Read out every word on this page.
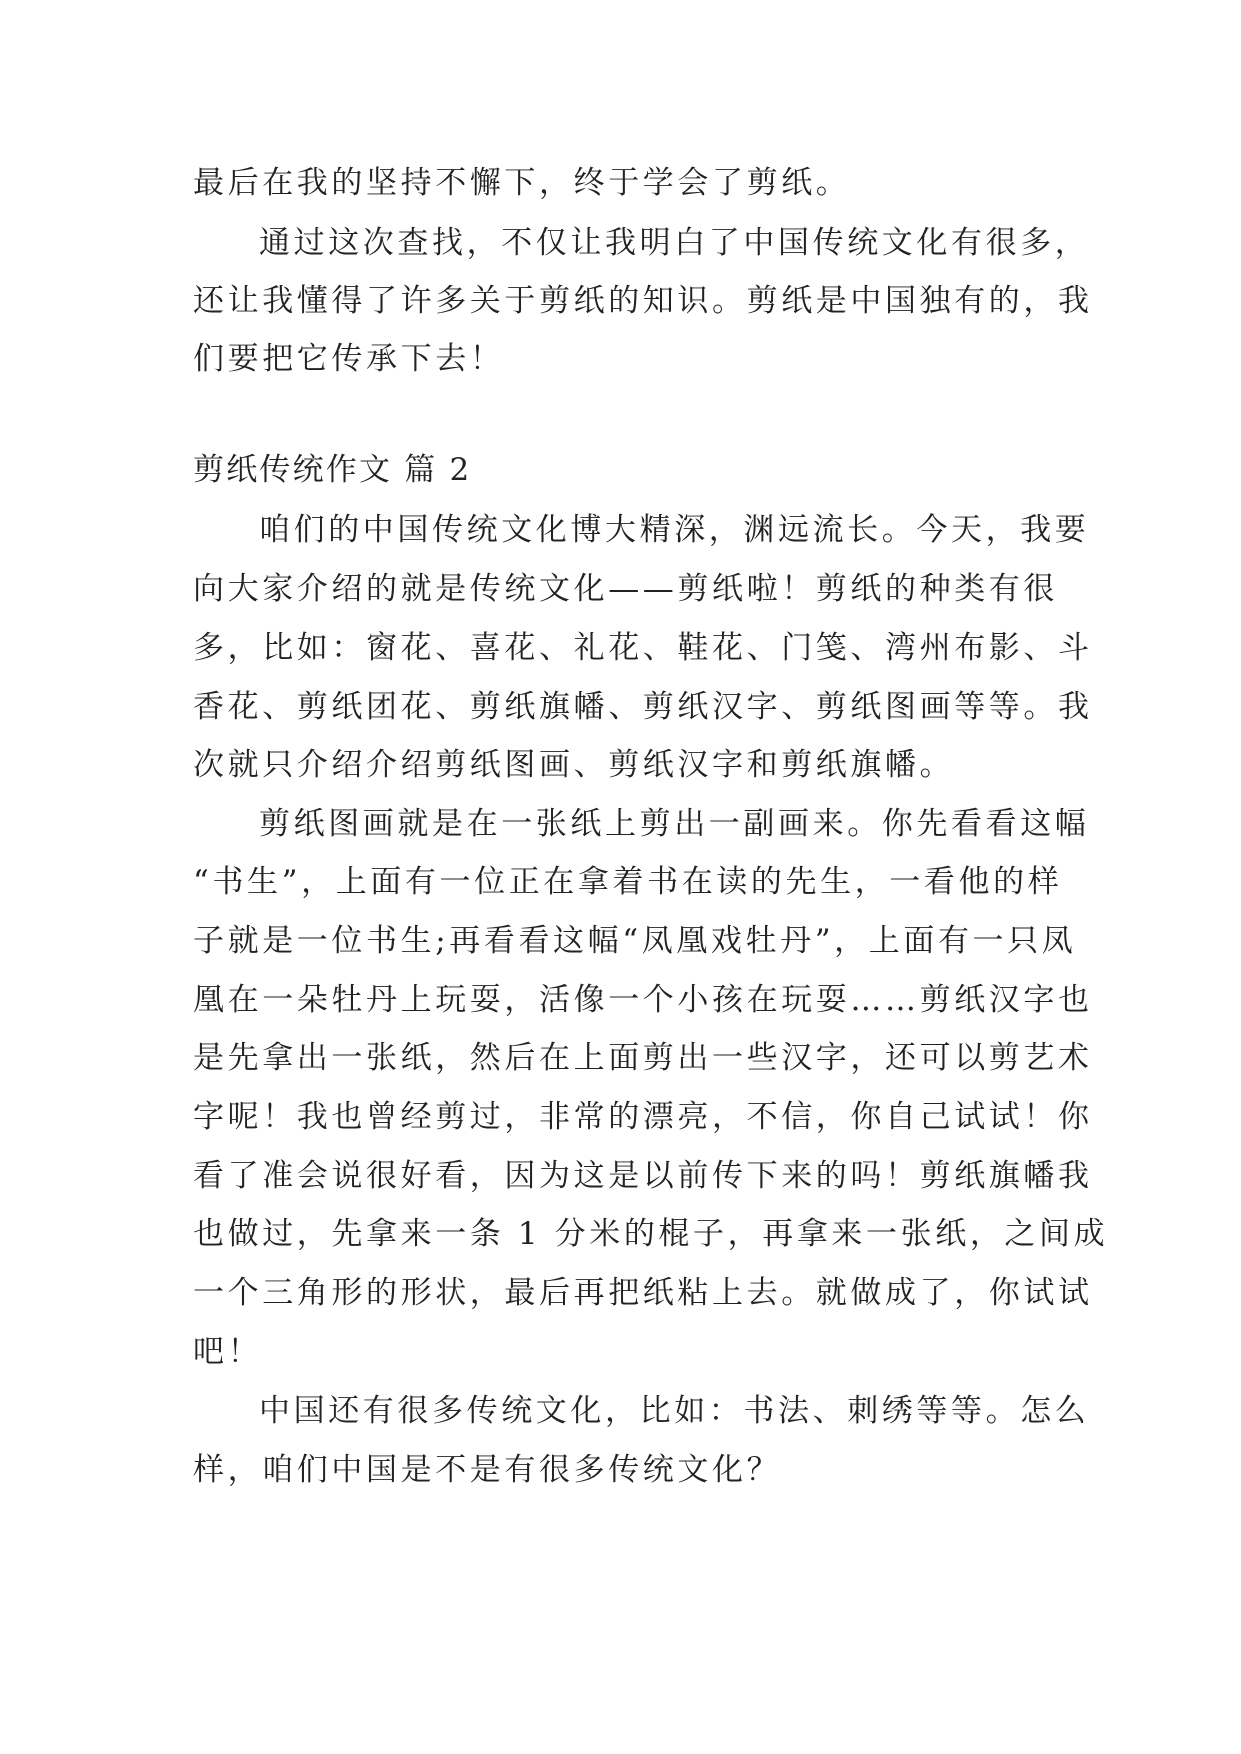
最后在我的坚持不懈下，终于学会了剪纸。
通过这次查找，不仅让我明白了中国传统文化有很多，
还让我懂得了许多关于剪纸的知识。剪纸是中国独有的，我
们要把它传承下去！
剪纸传统作文 篇 2
咱们的中国传统文化博大精深，渊远流长。今天，我要
向大家介绍的就是传统文化——剪纸啦！剪纸的种类有很
多，比如：窗花、喜花、礼花、鞋花、门笺、湾州布影、斗
香花、剪纸团花、剪纸旗幡、剪纸汉字、剪纸图画等等。我
次就只介绍介绍剪纸图画、剪纸汉字和剪纸旗幡。
剪纸图画就是在一张纸上剪出一副画来。你先看看这幅
“书生”，上面有一位正在拿着书在读的先生，一看他的样
子就是一位书生;再看看这幅“凤凰戏牡丹”，上面有一只凤
凰在一朵牡丹上玩耍，活像一个小孩在玩耍……剪纸汉字也
是先拿出一张纸，然后在上面剪出一些汉字，还可以剪艺术
字呢！我也曾经剪过，非常的漂亮，不信，你自己试试！你
看了准会说很好看，因为这是以前传下来的吗！剪纸旗幡我
也做过，先拿来一条 1 分米的棍子，再拿来一张纸，之间成
一个三角形的形状，最后再把纸粘上去。就做成了，你试试
吧！
中国还有很多传统文化，比如：书法、刺绣等等。怎么
样，咱们中国是不是有很多传统文化？
